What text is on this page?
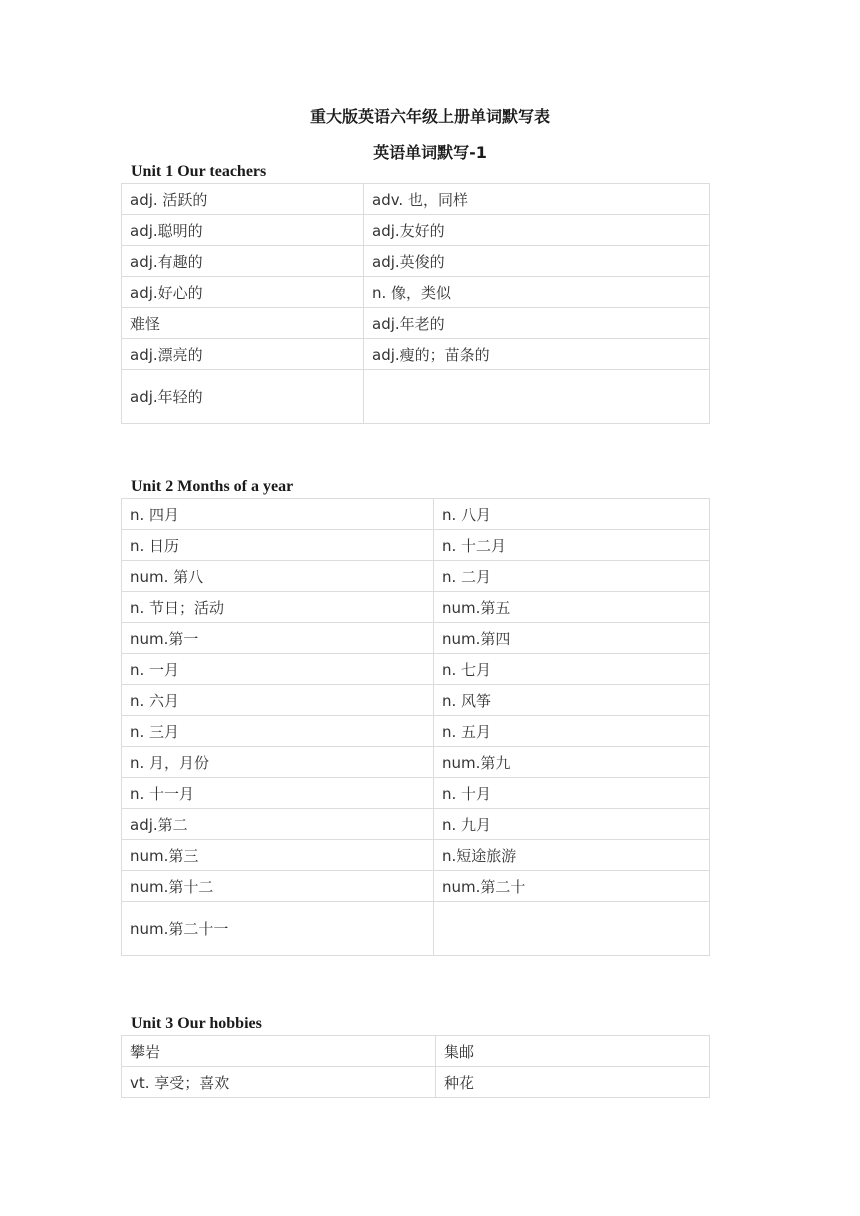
重大版英语六年级上册单词默写表
英语单词默写-1
Unit 1 Our teachers
adj. 活跃的	adv. 也，同样
adj.聪明的	adj.友好的
adj.有趣的	adj.英俊的
adj.好心的	n. 像，类似
难怪	adj.年老的
adj.漂亮的	adj.瘦的；苗条的
adj.年轻的	
Unit 2 Months of a year
n. 四月	n. 八月
n. 日历	n. 十二月
num. 第八	n. 二月
n. 节日；活动	num.第五
num.第一	num.第四
n. 一月	n. 七月
n. 六月	n. 风筝
n. 三月	n. 五月
n. 月，月份	num.第九
n. 十一月	n. 十月
adj.第二	n. 九月
num.第三	n.短途旅游
num.第十二	num.第二十
num.第二十一	
Unit 3 Our hobbies
攀岩	集邮
vt. 享受；喜欢	种花
